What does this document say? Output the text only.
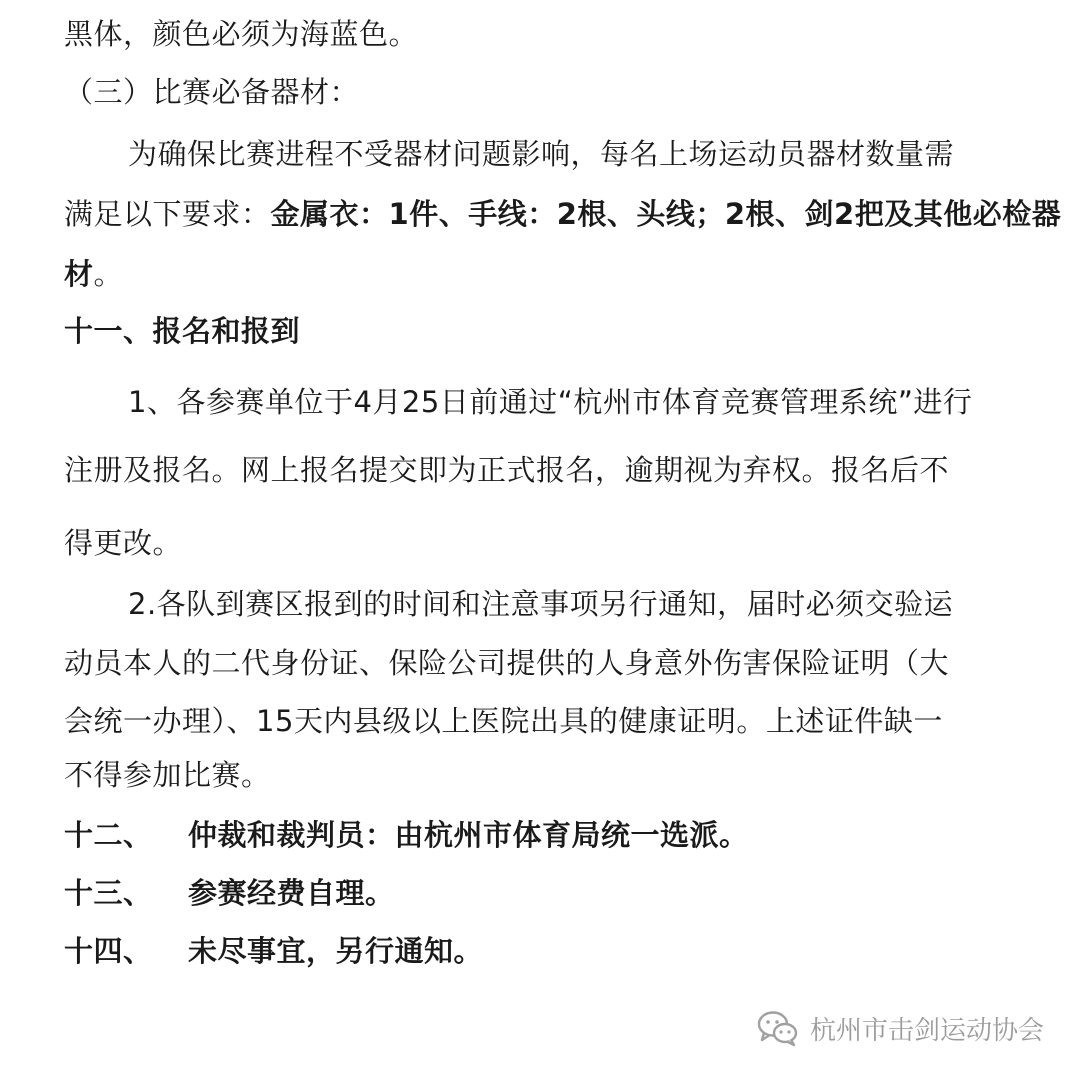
黑体，颜色必须为海蓝色。
（三）比赛必备器材：
为确保比赛进程不受器材问题影响，每名上场运动员器材数量需
满足以下要求：金属衣：1件、手线：2根、头线；2根、剑2把及其他必检器
材。
十一、报名和报到
1、各参赛单位于4月25日前通过“杭州市体育竞赛管理系统”进行
注册及报名。网上报名提交即为正式报名，逾期视为弃权。报名后不
得更改。
2.各队到赛区报到的时间和注意事项另行通知，届时必须交验运
动员本人的二代身份证、保险公司提供的人身意外伤害保险证明（大
会统一办理）、15天内县级以上医院出具的健康证明。上述证件缺一
不得参加比赛。
十二、 仲裁和裁判员：由杭州市体育局统一选派。
十三、 参赛经费自理。
十四、 未尽事宜，另行通知。
杭州市击剑运动协会
